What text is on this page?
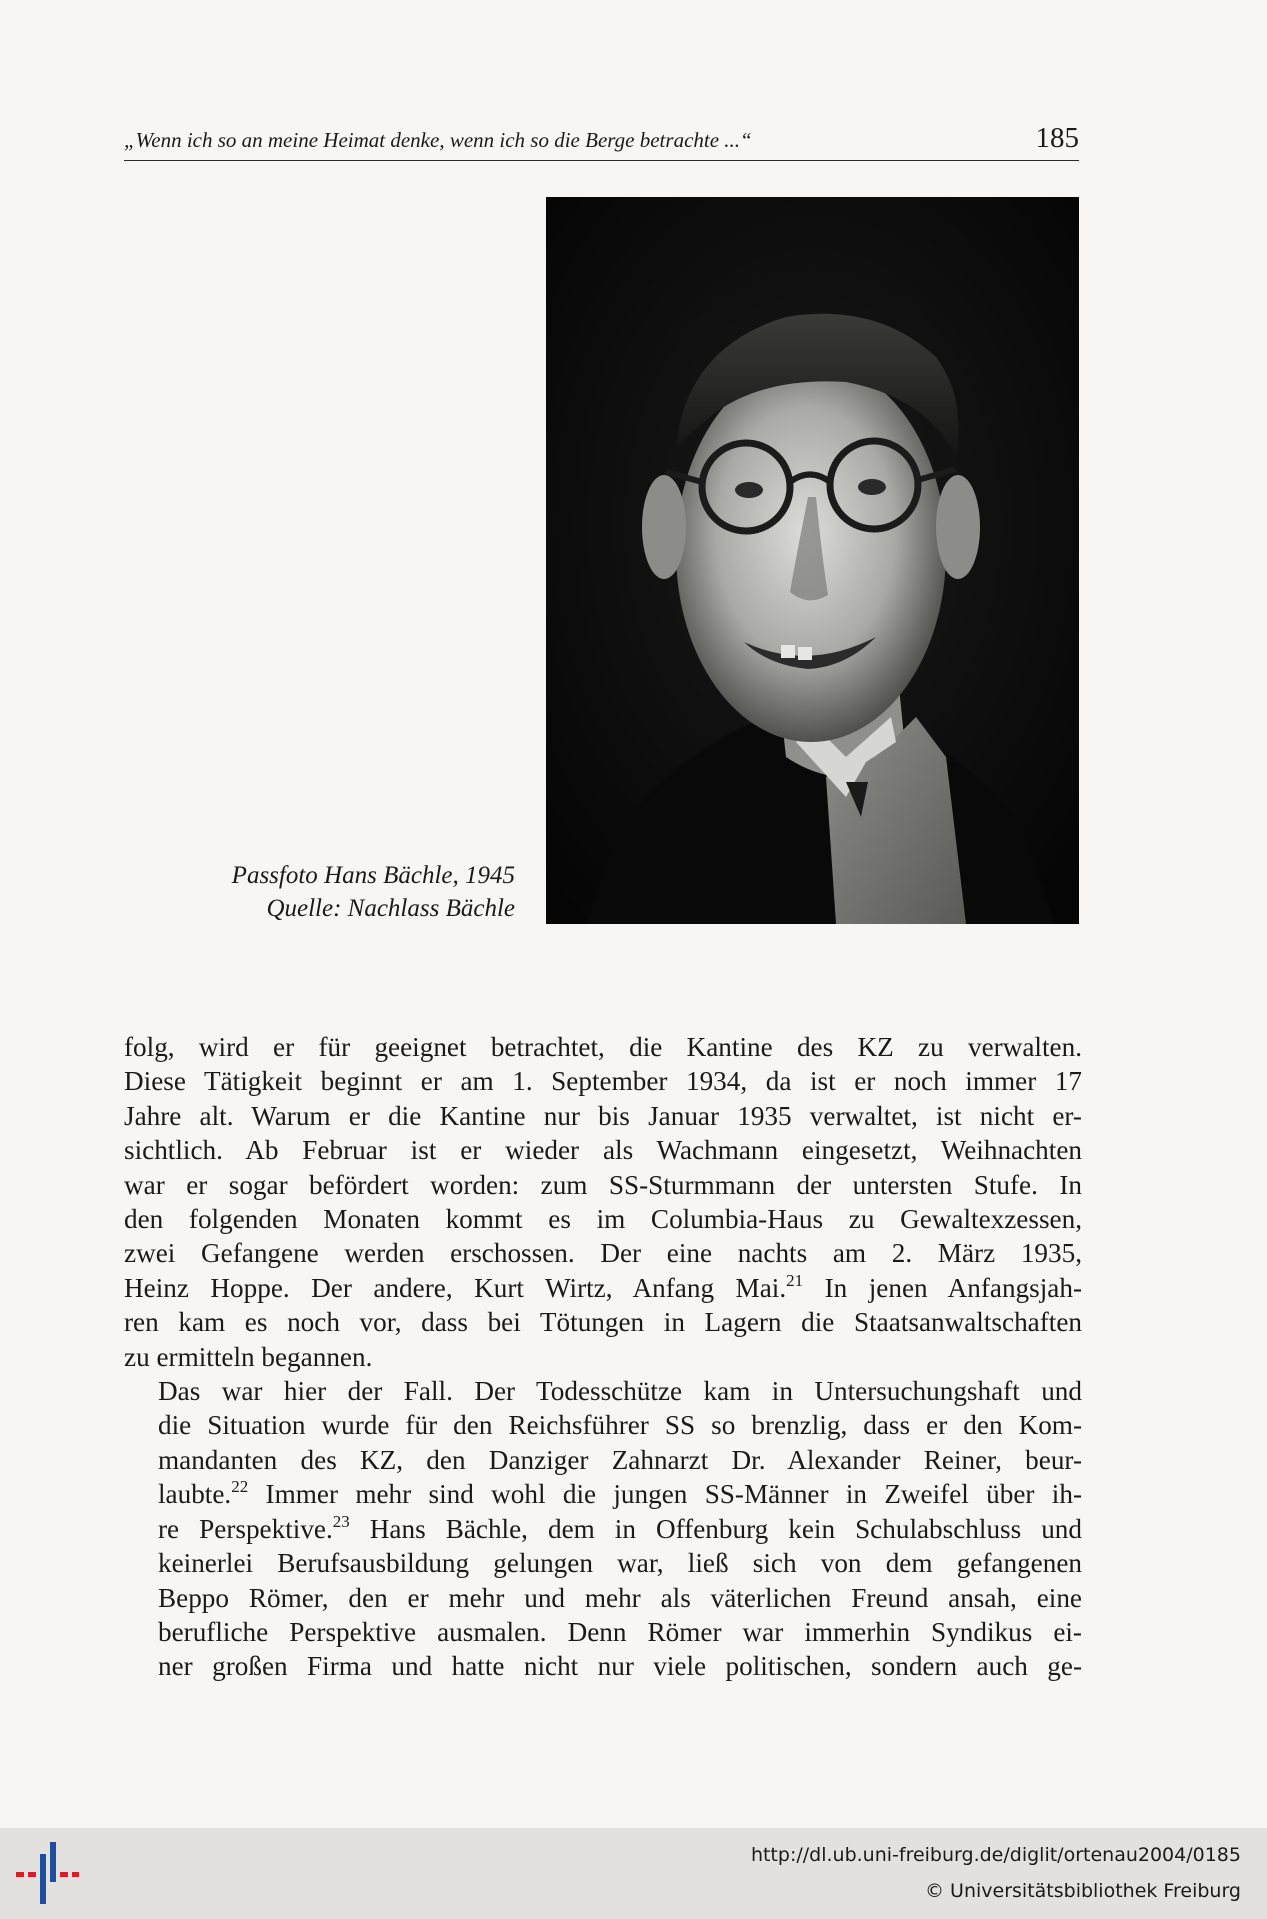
„Wenn ich so an meine Heimat denke, wenn ich so die Berge betrachte ...“	185
Passfoto Hans Bächle, 1945
Quelle: Nachlass Bächle

folg, wird er für geeignet betrachtet, die Kantine des KZ zu verwalten.
Diese Tätigkeit beginnt er am 1. September 1934, da ist er noch immer 17
Jahre alt. Warum er die Kantine nur bis Januar 1935 verwaltet, ist nicht er-
sichtlich. Ab Februar ist er wieder als Wachmann eingesetzt, Weihnachten
war er sogar befördert worden: zum SS-Sturmmann der untersten Stufe. In
den folgenden Monaten kommt es im Columbia-Haus zu Gewaltexzessen,
zwei Gefangene werden erschossen. Der eine nachts am 2. März 1935,
Heinz Hoppe. Der andere, Kurt Wirtz, Anfang Mai.$^{21}$ In jenen Anfangsjah-
ren kam es noch vor, dass bei Tötungen in Lagern die Staatsanwaltschaften
zu ermitteln begannen.

Das war hier der Fall. Der Todesschütze kam in Untersuchungshaft und
die Situation wurde für den Reichsführer SS so brenzlig, dass er den Kom-
mandanten des KZ, den Danziger Zahnarzt Dr. Alexander Reiner, beur-
laubte.$^{22}$ Immer mehr sind wohl die jungen SS-Männer in Zweifel über ih-
re Perspektive.$^{23}$ Hans Bächle, dem in Offenburg kein Schulabschluss und
keinerlei Berufsausbildung gelungen war, ließ sich von dem gefangenen
Beppo Römer, den er mehr und mehr als väterlichen Freund ansah, eine
berufliche Perspektive ausmalen. Denn Römer war immerhin Syndikus ei-
ner großen Firma und hatte nicht nur viele politischen, sondern auch ge-

http://dl.ub.uni-freiburg.de/diglit/ortenau2004/0185
© Universitätsbibliothek Freiburg
